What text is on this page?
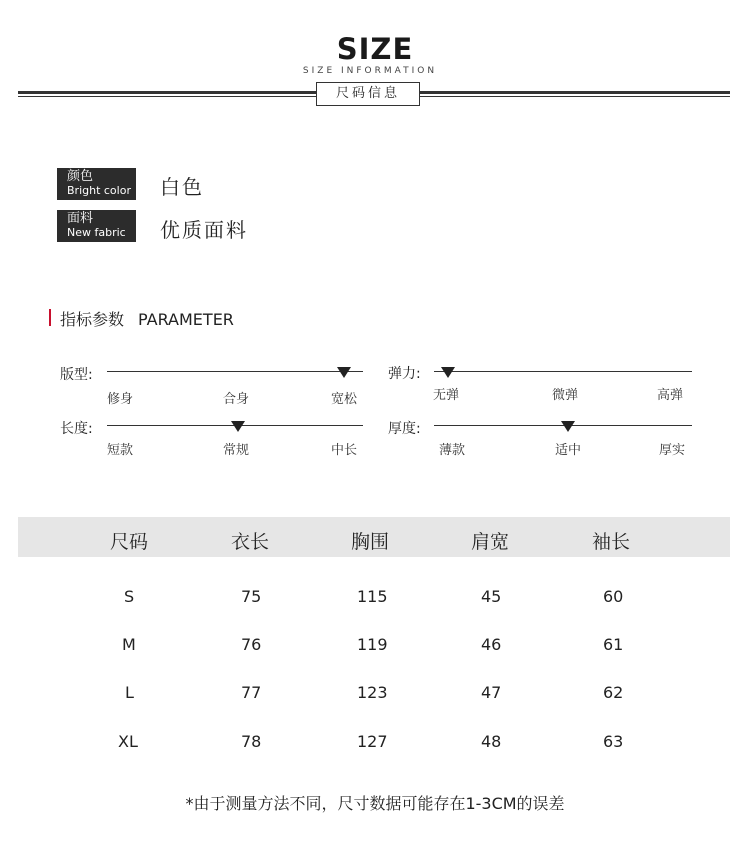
SIZE
SIZE INFORMATION
尺码信息
颜色
Bright color 白色
面料
New fabric	优质面料
指标参数 PARAMETER
版型:
修身	合身	宽松
弹力:
无弹	微弹	高弹
长度:
短款	常规	中长
厚度:
薄款	适中	厚实
尺码	衣长	胸围	肩宽	袖长
S	75	115	45	60
M	76	119	46	61
L	77	123	47	62
XL	78	127	48	63
*由于测量方法不同，尺寸数据可能存在1-3CM的误差
